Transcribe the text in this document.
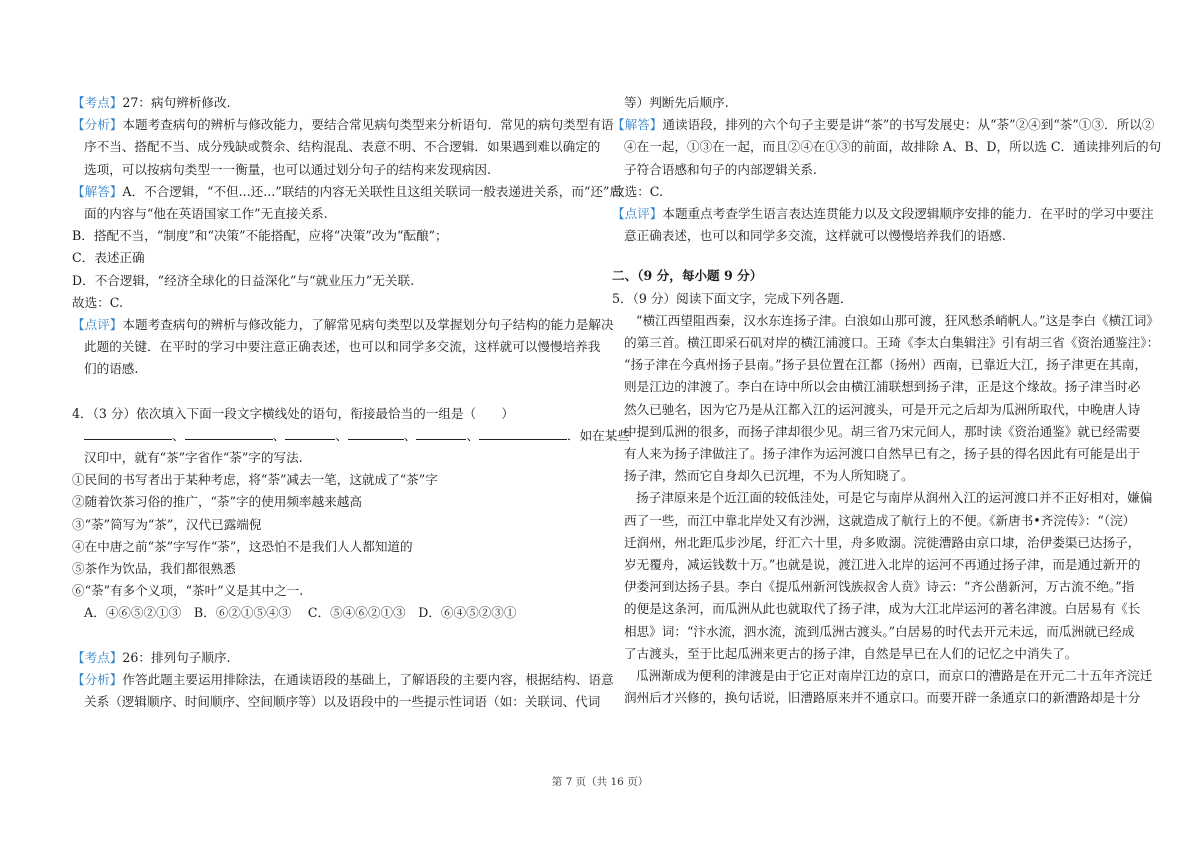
【考点】27：病句辨析修改.
【分析】本题考查病句的辨析与修改能力，要结合常见病句类型来分析语句．常见的病句类型有语
序不当、搭配不当、成分残缺或赘余、结构混乱、表意不明、不合逻辑．如果遇到难以确定的
选项，可以按病句类型一一衡量，也可以通过划分句子的结构来发现病因.
【解答】A．不合逻辑，“不但...还...”联结的内容无关联性且这组关联词一般表递进关系，而“还”后
面的内容与“他在英语国家工作”无直接关系.
B．搭配不当，“制度”和“决策”不能搭配，应将“决策”改为“酝酿”；
C．表述正确
D．不合逻辑，“经济全球化的日益深化”与“就业压力”无关联.
故选：C.
【点评】本题考查病句的辨析与修改能力，了解常见病句类型以及掌握划分句子结构的能力是解决
此题的关键．在平时的学习中要注意正确表述，也可以和同学多交流，这样就可以慢慢培养我
们的语感.
4．（3 分）依次填入下面一段文字横线处的语句，衔接最恰当的一组是（　　）
、	、	、	、	、	．如在某些
汉印中，就有“茶”字省作“荼”字的写法.
①民间的书写者出于某种考虑，将“荼”减去一笔，这就成了“茶”字
②随着饮茶习俗的推广，“荼”字的使用频率越来越高
③“荼”简写为“茶”，汉代已露端倪
④在中唐之前“茶”字写作“荼”，这恐怕不是我们人人都知道的
⑤茶作为饮品，我们都很熟悉
⑥“荼”有多个义项，“茶叶”义是其中之一.
A．④⑥⑤②①③　B．⑥②①⑤④③　 C．⑤④⑥②①③　D．⑥④⑤②③①
【考点】26：排列句子顺序.
【分析】作答此题主要运用排除法，在通读语段的基础上，了解语段的主要内容，根据结构、语意
关系（逻辑顺序、时间顺序、空间顺序等）以及语段中的一些提示性词语（如：关联词、代词
等）判断先后顺序.
【解答】通读语段，排列的六个句子主要是讲“茶”的书写发展史：从“荼”②④到“茶”①③．所以②
④在一起，①③在一起，而且②④在①③的前面，故排除 A、B、D，所以选 C．通读排列后的句
子符合语感和句子的内部逻辑关系.
故选：C.
【点评】本题重点考查学生语言表达连贯能力以及文段逻辑顺序安排的能力．在平时的学习中要注
意正确表述，也可以和同学多交流，这样就可以慢慢培养我们的语感.
二、（9 分，每小题 9 分）
5．（9 分）阅读下面文字，完成下列各题．
“横江西望阻西秦，汉水东连扬子津。白浪如山那可渡，狂风愁杀峭帆人。”这是李白《横江词》
的第三首。横江即采石矶对岸的横江浦渡口。王琦《李太白集辑注》引有胡三省《资治通鉴注》：
“扬子津在今真州扬子县南。”扬子县位置在江都（扬州）西南，已靠近大江，扬子津更在其南，
则是江边的津渡了。李白在诗中所以会由横江浦联想到扬子津，正是这个缘故。扬子津当时必
然久已驰名，因为它乃是从江都入江的运河渡头，可是开元之后却为瓜洲所取代，中晚唐人诗
中提到瓜洲的很多，而扬子津却很少见。胡三省乃宋元间人，那时读《资治通鉴》就已经需要
有人来为扬子津做注了。扬子津作为运河渡口自然早已有之，扬子县的得名因此有可能是出于
扬子津，然而它自身却久已沉埋，不为人所知晓了。
扬子津原来是个近江面的较低洼处，可是它与南岸从润州入江的运河渡口并不正好相对，嫌偏
西了一些，而江中靠北岸处又有沙洲，这就造成了航行上的不便。《新唐书•齐浣传》：“（浣）
迁润州，州北距瓜步沙尾，纡汇六十里，舟多败溺。浣徙漕路由京口埭，治伊娄渠已达扬子，
岁无覆舟，减运钱数十万。”也就是说，渡江进入北岸的运河不再通过扬子津，而是通过新开的
伊娄河到达扬子县。李白《提瓜州新河饯族叔舍人贲》诗云：“齐公凿新河，万古流不绝。”指
的便是这条河，而瓜洲从此也就取代了扬子津，成为大江北岸运河的著名津渡。白居易有《长
相思》词：“汴水流，泗水流，流到瓜洲古渡头。”白居易的时代去开元未远，而瓜洲就已经成
了古渡头，至于比起瓜洲来更古的扬子津，自然是早已在人们的记忆之中消失了。
瓜洲渐成为便利的津渡是由于它正对南岸江边的京口，而京口的漕路是在开元二十五年齐浣迁
润州后才兴修的，换句话说，旧漕路原来并不通京口。而要开辟一条通京口的新漕路却是十分
第 7 页（共 16 页）
